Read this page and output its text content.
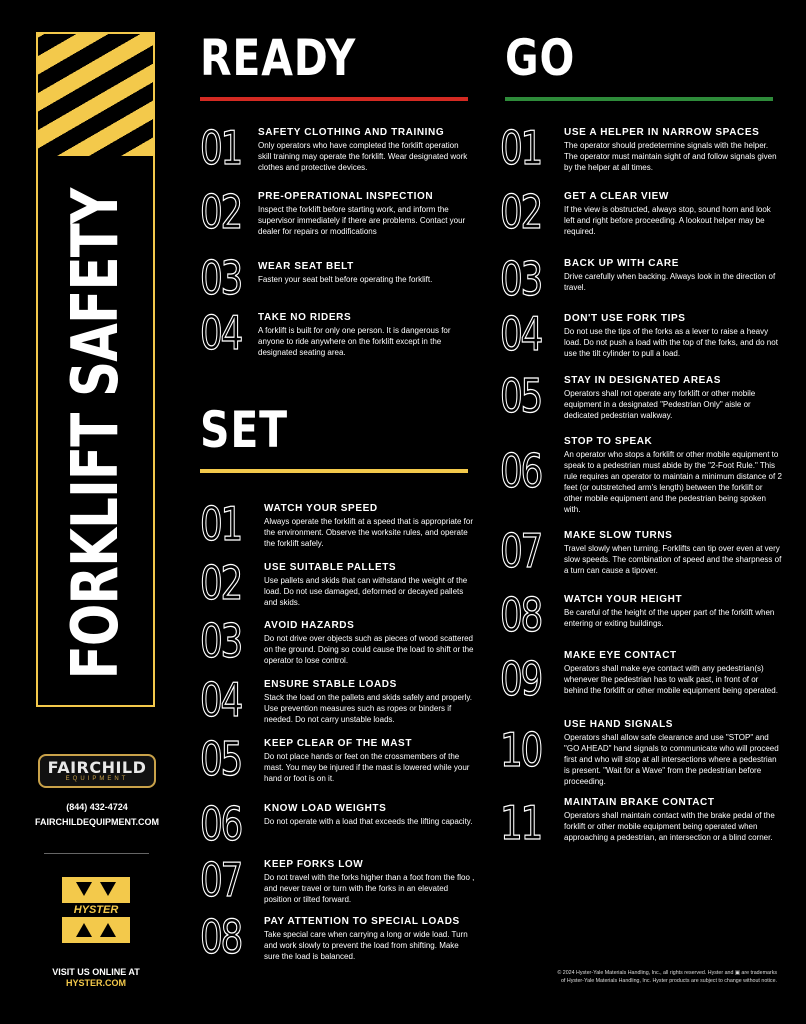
FORKLIFT SAFETY
FAIRCHILD
EQUIPMENT
(844) 432-4724
FAIRCHILDEQUIPMENT.COM
HYSTER
VISIT US ONLINE AT
HYSTER.COM
READY
SET
GO
01	SAFETY CLOTHING AND TRAINING
Only operators who have completed the forklift operation skill training may operate the forklift. Wear designated work clothes and protective devices.
02	PRE-OPERATIONAL INSPECTION
Inspect the forklift before starting work, and inform the supervisor immediately if there are problems. Contact your dealer for repairs or modifications
03	WEAR SEAT BELT
Fasten your seat belt before operating the forklift.
04	TAKE NO RIDERS
A forklift is built for only one person. It is dangerous for anyone to ride anywhere on the forklift except in the designated seating area.
01	WATCH YOUR SPEED
Always operate the forklift at a speed that is appropriate for the environment. Observe the worksite rules, and operate the forklift safely.
02	USE SUITABLE PALLETS
Use pallets and skids that can withstand the weight of the load. Do not use damaged, deformed or decayed pallets and skids.
03	AVOID HAZARDS
Do not drive over objects such as pieces of wood scattered on the ground. Doing so could cause the load to shift or the operator to lose control.
04	ENSURE STABLE LOADS
Stack the load on the pallets and skids safely and properly. Use prevention measures such as ropes or binders if needed. Do not carry unstable loads.
05	KEEP CLEAR OF THE MAST
Do not place hands or feet on the crossmembers of the mast. You may be injured if the mast is lowered while your hand or foot is on it.
06	KNOW LOAD WEIGHTS
Do not operate with a load that exceeds the lifting capacity.
07	KEEP FORKS LOW
Do not travel with the forks higher than a foot from the floo , and never travel or turn with the forks in an elevated position or tilted forward.
08	PAY ATTENTION TO SPECIAL LOADS
Take special care when carrying a long or wide load. Turn and work slowly to prevent the load from shifting. Make sure the load is balanced.
01	USE A HELPER IN NARROW SPACES
The operator should predetermine signals with the helper. The operator must maintain sight of and follow signals given by the helper at all times.
02	GET A CLEAR VIEW
If the view is obstructed, always stop, sound horn and look left and right before proceeding. A lookout helper may be required.
03	BACK UP WITH CARE
Drive carefully when backing. Always look in the direction of travel.
04	DON'T USE FORK TIPS
Do not use the tips of the forks as a lever to raise a heavy load. Do not push a load with the top of the forks, and do not use the tilt cylinder to pull a load.
05	STAY IN DESIGNATED AREAS
Operators shall not operate any forklift or other mobile equipment in a designated "Pedestrian Only" aisle or dedicated pedestrian walkway.
06
STOP TO SPEAK
An operator who stops a forklift or other mobile equipment to speak to a pedestrian must abide by the "2-Foot Rule." This rule requires an operator to maintain a minimum distance of 2 feet (or outstretched arm's length) between the forklift or other mobile equipment and the pedestrian being spoken with.
07	MAKE SLOW TURNS
Travel slowly when turning. Forklifts can tip over even at very slow speeds. The combination of speed and the sharpness of a turn can cause a tipover.
08	WATCH YOUR HEIGHT
Be careful of the height of the upper part of the forklift when entering or exiting buildings.
09	MAKE EYE CONTACT
Operators shall make eye contact with any pedestrian(s) whenever the pedestrian has to walk past, in front of or behind the forklift or other mobile equipment being operated.
10	USE HAND SIGNALS
Operators shall allow safe clearance and use "STOP" and "GO AHEAD" hand signals to communicate who will proceed first and who will stop at all intersections where a pedestrian is present. "Wait for a Wave" from the pedestrian before proceeding.
11	MAINTAIN BRAKE CONTACT
Operators shall maintain contact with the brake pedal of the forklift or other mobile equipment being operated when approaching a pedestrian, an intersection or a blind corner.
© 2024 Hyster-Yale Materials Handling, Inc., all rights reserved. Hyster and ▣ are trademarks
of Hyster-Yale Materials Handling, Inc. Hyster products are subject to change without notice.
